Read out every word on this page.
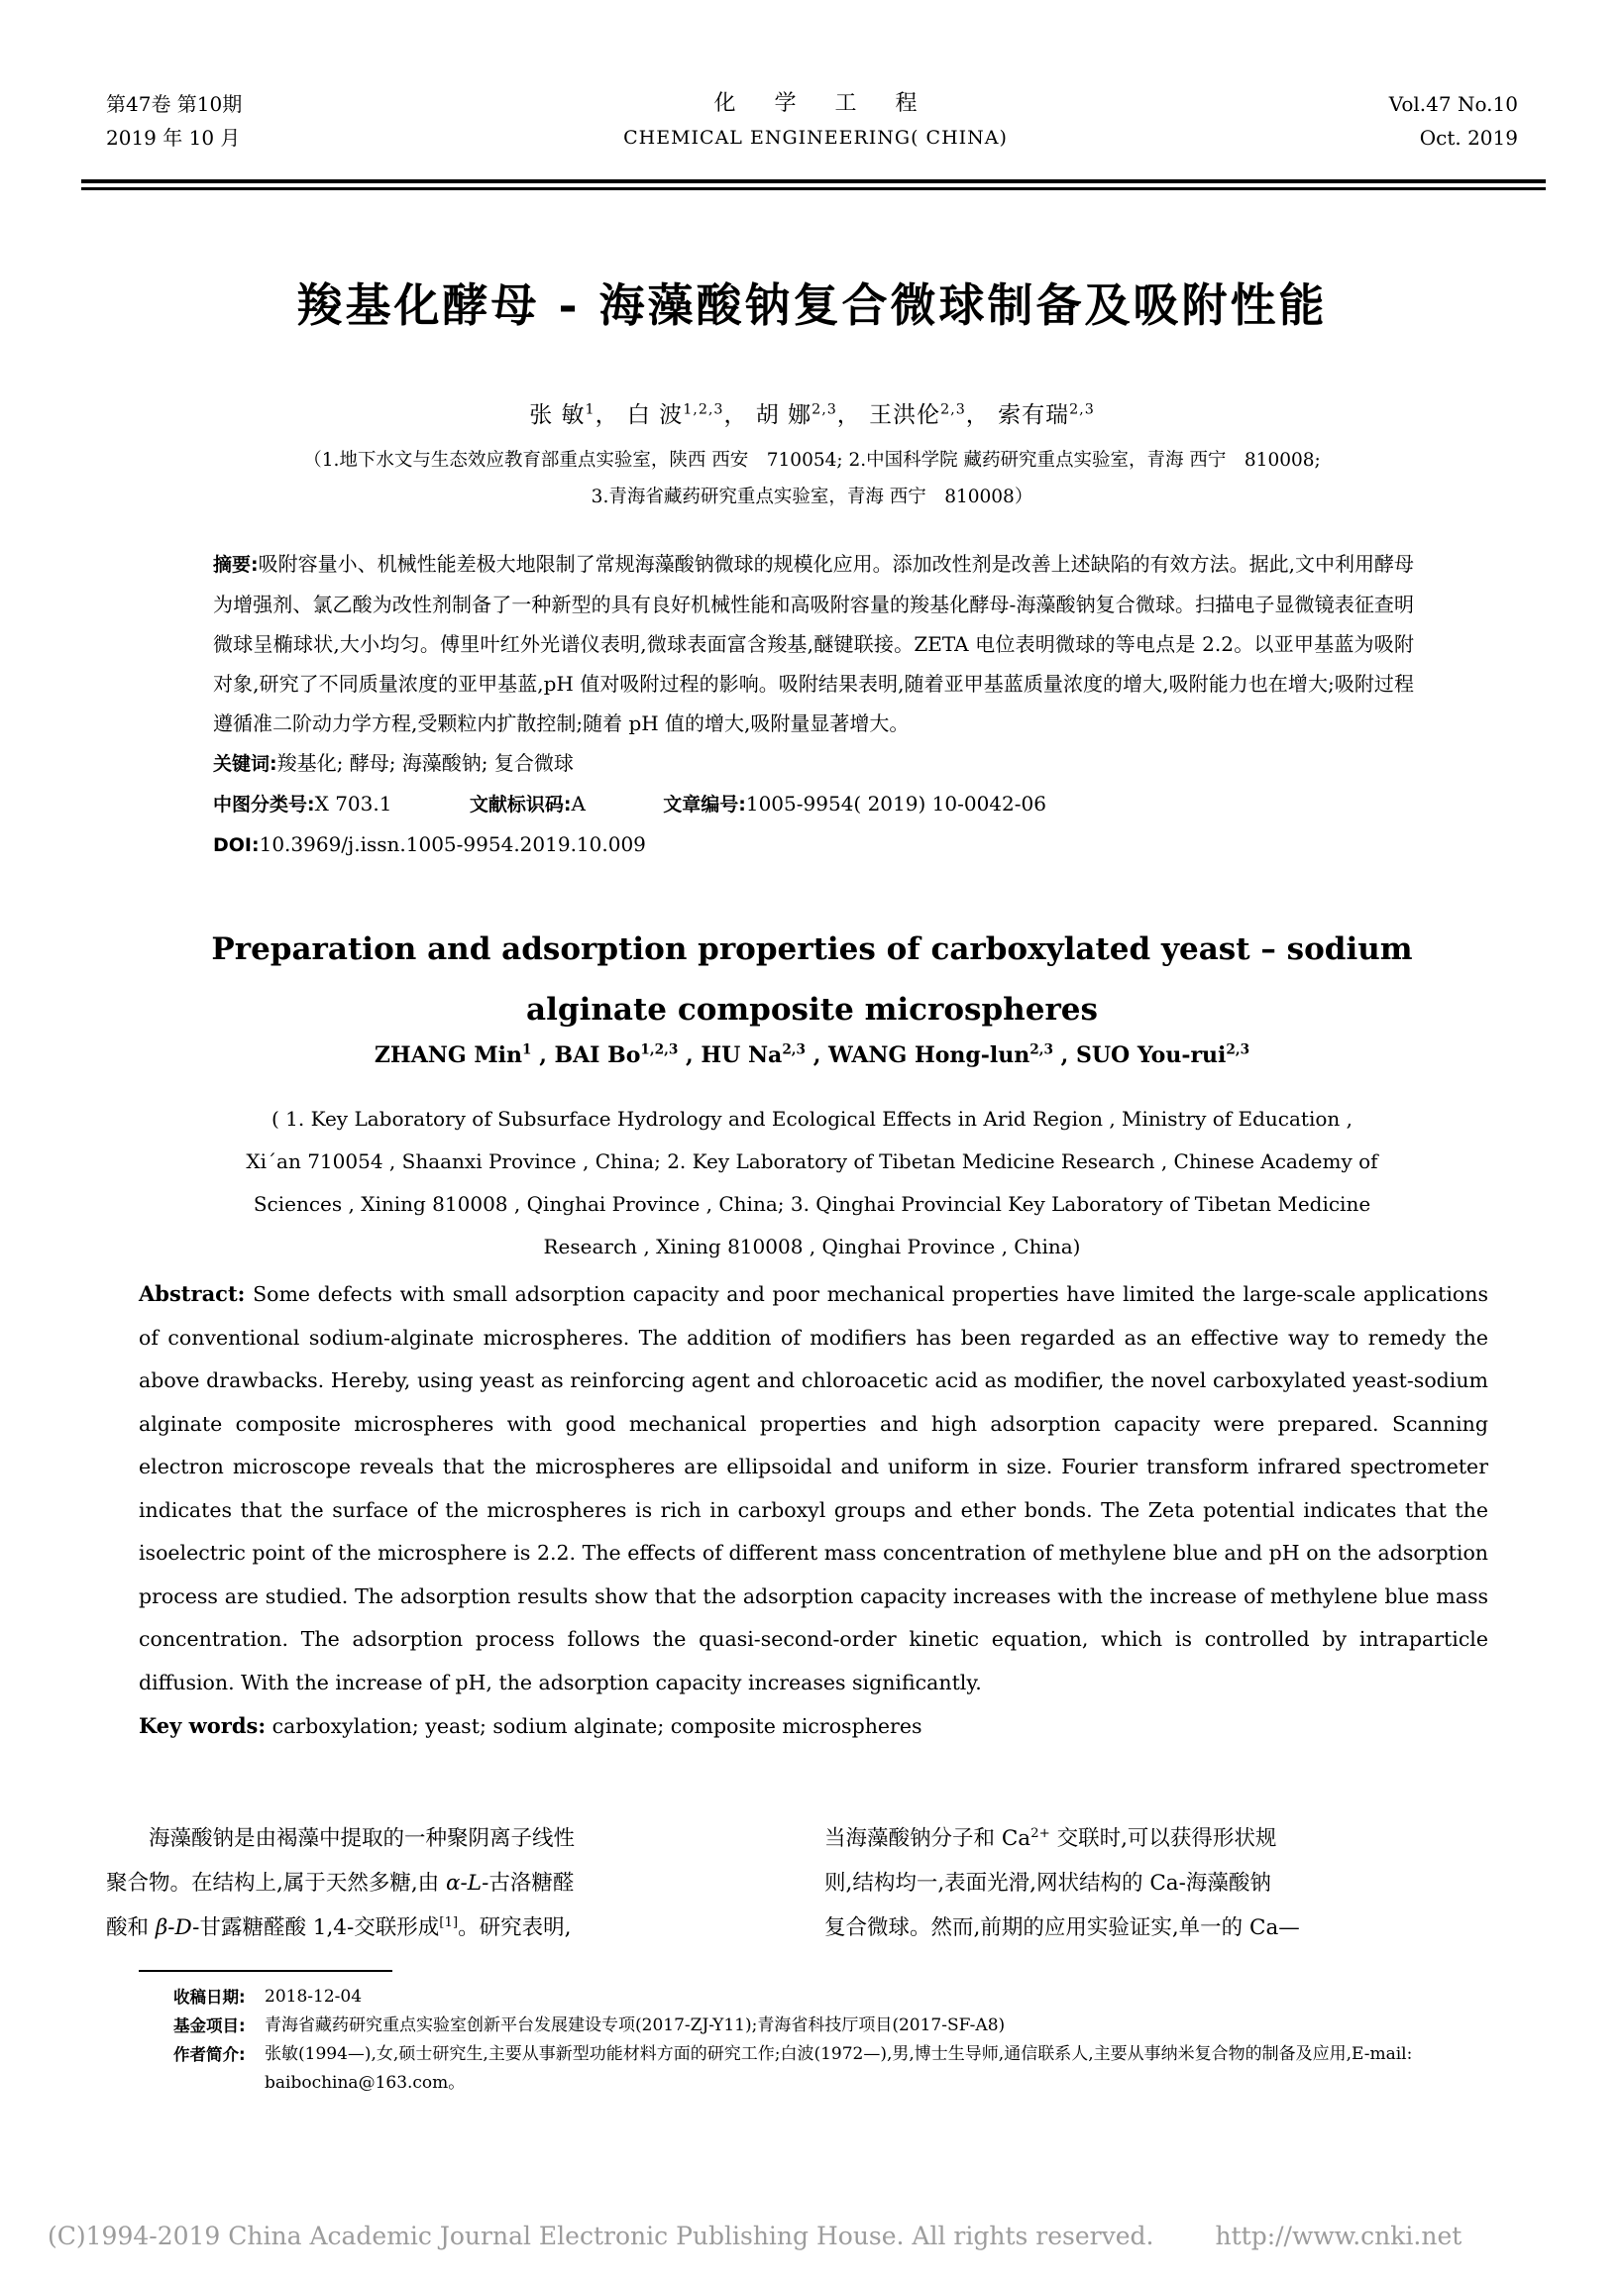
第47卷 第10期
2019 年 10 月
化 学 工 程
CHEMICAL ENGINEERING( CHINA)
Vol.47 No.10
Oct. 2019
羧基化酵母 - 海藻酸钠复合微球制备及吸附性能
张 敏$^1$， 白 波$^{1,2,3}$， 胡 娜$^{2,3}$， 王洪伦$^{2,3}$， 索有瑞$^{2,3}$
（1.地下水文与生态效应教育部重点实验室，陕西 西安　710054; 2.中国科学院 藏药研究重点实验室，青海 西宁　810008;
3.青海省藏药研究重点实验室，青海 西宁　810008）
摘要:吸附容量小、机械性能差极大地限制了常规海藻酸钠微球的规模化应用。添加改性剂是改善上述缺陷的有效方法。据此,文中利用酵母为增强剂、氯乙酸为改性剂制备了一种新型的具有良好机械性能和高吸附容量的羧基化酵母-海藻酸钠复合微球。扫描电子显微镜表征查明微球呈椭球状,大小均匀。傅里叶红外光谱仪表明,微球表面富含羧基,醚键联接。ZETA 电位表明微球的等电点是 2.2。以亚甲基蓝为吸附对象,研究了不同质量浓度的亚甲基蓝,pH 值对吸附过程的影响。吸附结果表明,随着亚甲基蓝质量浓度的增大,吸附能力也在增大;吸附过程遵循准二阶动力学方程,受颗粒内扩散控制;随着 pH 值的增大,吸附量显著增大。
关键词:羧基化; 酵母; 海藻酸钠; 复合微球
中图分类号:X 703.1	文献标识码:A	文章编号:1005-9954( 2019) 10-0042-06
DOI:10.3969/j.issn.1005-9954.2019.10.009
Preparation and adsorption properties of carboxylated yeast – sodium
alginate composite microspheres
ZHANG Min$^1$ , BAI Bo$^{1,2,3}$ , HU Na$^{2,3}$ , WANG Hong-lun$^{2,3}$ , SUO You-rui$^{2,3}$
( 1. Key Laboratory of Subsurface Hydrology and Ecological Effects in Arid Region , Ministry of Education ,
Xi´an 710054 , Shaanxi Province , China; 2. Key Laboratory of Tibetan Medicine Research , Chinese Academy of
Sciences , Xining 810008 , Qinghai Province , China; 3. Qinghai Provincial Key Laboratory of Tibetan Medicine
Research , Xining 810008 , Qinghai Province , China)
Abstract: Some defects with small adsorption capacity and poor mechanical properties have limited the large-scale applications of conventional sodium-alginate microspheres. The addition of modifiers has been regarded as an effective way to remedy the above drawbacks. Hereby, using yeast as reinforcing agent and chloroacetic acid as modifier, the novel carboxylated yeast-sodium alginate composite microspheres with good mechanical properties and high adsorption capacity were prepared. Scanning electron microscope reveals that the microspheres are ellipsoidal and uniform in size. Fourier transform infrared spectrometer indicates that the surface of the microspheres is rich in carboxyl groups and ether bonds. The Zeta potential indicates that the isoelectric point of the microsphere is 2.2. The effects of different mass concentration of methylene blue and pH on the adsorption process are studied. The adsorption results show that the adsorption capacity increases with the increase of methylene blue mass concentration. The adsorption process follows the quasi-second-order kinetic equation, which is controlled by intraparticle diffusion. With the increase of pH, the adsorption capacity increases significantly.
Key words: carboxylation; yeast; sodium alginate; composite microspheres
　　海藻酸钠是由褐藻中提取的一种聚阴离子线性
聚合物。在结构上,属于天然多糖,由 α-L-古洛糖醛
酸和 β-D-甘露糖醛酸 1,4-交联形成[1]。研究表明,
当海藻酸钠分子和 $Ca^{2+}$ 交联时,可以获得形状规
则,结构均一,表面光滑,网状结构的 Ca-海藻酸钠
复合微球。然而,前期的应用实验证实,单一的 Ca—
收稿日期:	2018-12-04
基金项目:	青海省藏药研究重点实验室创新平台发展建设专项(2017-ZJ-Y11);青海省科技厅项目(2017-SF-A8)
作者简介:	张敏(1994—),女,硕士研究生,主要从事新型功能材料方面的研究工作;白波(1972—),男,博士生导师,通信联系人,主要从事纳米复合物的制备及应用,E-mail: baibochina@163.com。
(C)1994-2019 China Academic Journal Electronic Publishing House. All rights reserved. http://www.cnki.net
